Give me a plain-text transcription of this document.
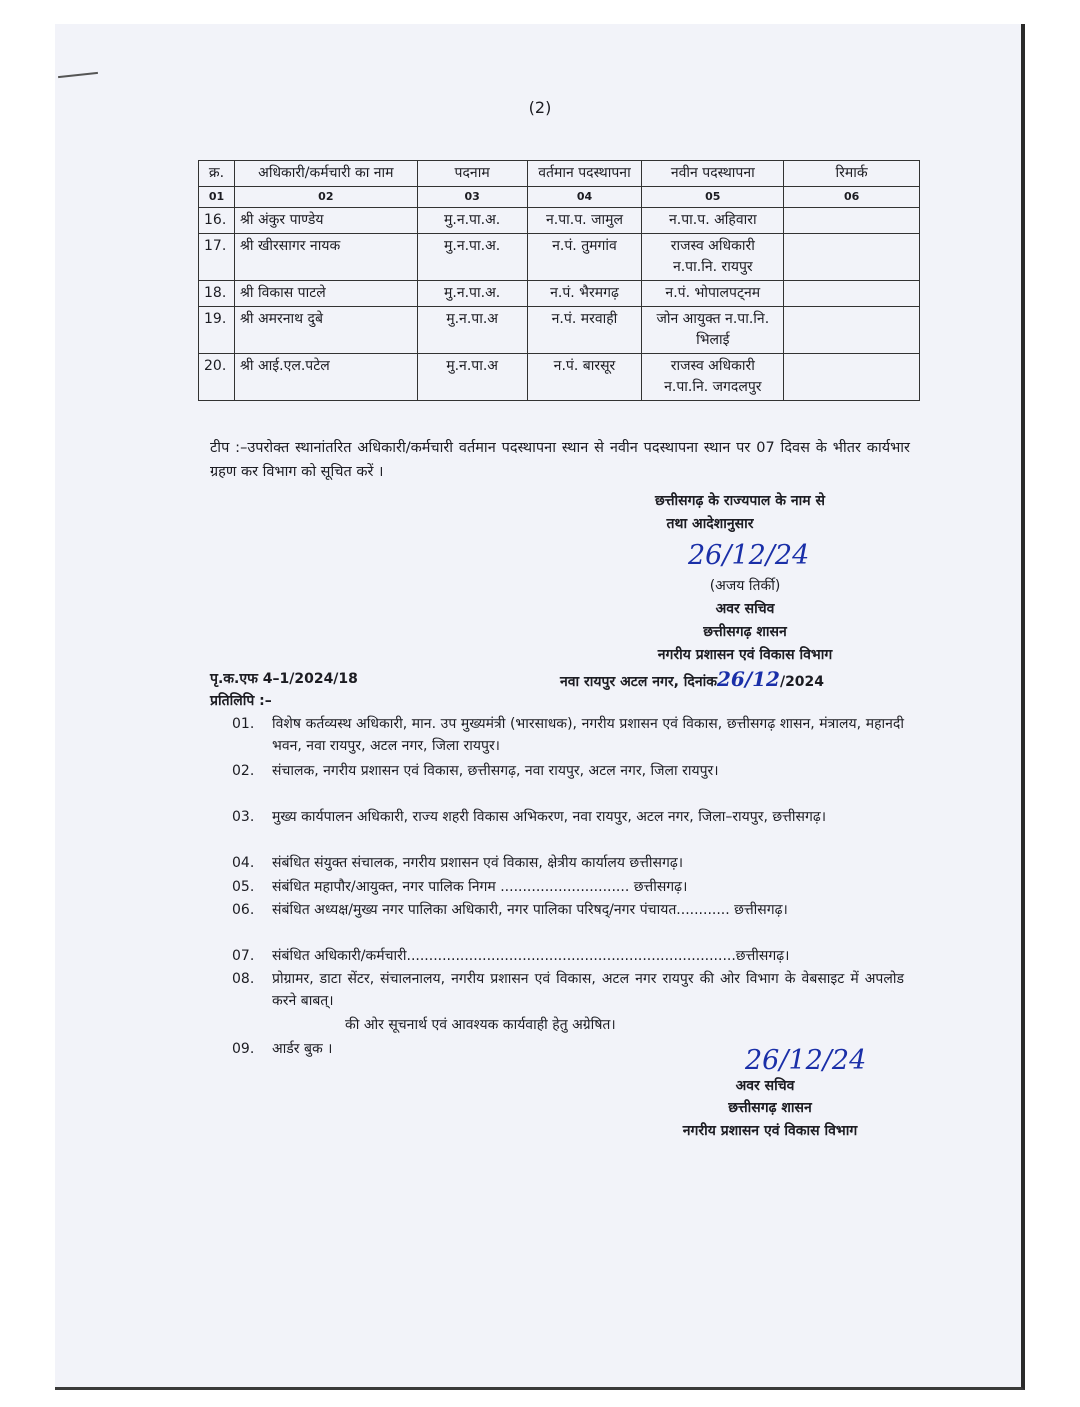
(2)
क्र.	अधिकारी/कर्मचारी का नाम	पदनाम	वर्तमान पदस्थापना	नवीन पदस्थापना	रिमार्क
01	02	03	04	05	06
16.	श्री अंकुर पाण्डेय	मु.न.पा.अ.	न.पा.प. जामुल	न.पा.प. अहिवारा	
17.	श्री खीरसागर नायक	मु.न.पा.अ.	न.पं. तुमगांव	राजस्व अधिकारी न.पा.नि. रायपुर	
18.	श्री विकास पाटले	मु.न.पा.अ.	न.पं. भैरमगढ़	न.पं. भोपालपट्नम	
19.	श्री अमरनाथ दुबे	मु.न.पा.अ	न.पं. मरवाही	जोन आयुक्त न.पा.नि. भिलाई	
20.	श्री आई.एल.पटेल	मु.न.पा.अ	न.पं. बारसूर	राजस्व अधिकारी न.पा.नि. जगदलपुर	
टीप :–उपरोक्त स्थानांतरित अधिकारी/कर्मचारी वर्तमान पदस्थापना स्थान से नवीन पदस्थापना स्थान पर 07 दिवस के भीतर कार्यभार ग्रहण कर विभाग को सूचित करें ।
छत्तीसगढ़ के राज्यपाल के नाम से
तथा आदेशानुसार
26/12/24
(अजय तिर्की)
अवर सचिव
छत्तीसगढ़ शासन
नगरीय प्रशासन एवं विकास विभाग
पृ.क.एफ 4–1/2024/18	नवा रायपुर अटल नगर, दिनांक26/12/2024
प्रतिलिपि :–
01.	विशेष कर्तव्यस्थ अधिकारी, मान. उप मुख्यमंत्री (भारसाधक), नगरीय प्रशासन एवं विकास, छत्तीसगढ़ शासन, मंत्रालय, महानदी भवन, नवा रायपुर, अटल नगर, जिला रायपुर।
02.	संचालक, नगरीय प्रशासन एवं विकास, छत्तीसगढ़, नवा रायपुर, अटल नगर, जिला रायपुर।
03.	मुख्य कार्यपालन अधिकारी, राज्य शहरी विकास अभिकरण, नवा रायपुर, अटल नगर, जिला–रायपुर, छत्तीसगढ़।
04.	संबंधित संयुक्त संचालक, नगरीय प्रशासन एवं विकास, क्षेत्रीय कार्यालय छत्तीसगढ़।
05.	संबंधित महापौर/आयुक्त, नगर पालिक निगम ............................. छत्तीसगढ़।
06.	संबंधित अध्यक्ष/मुख्य नगर पालिका अधिकारी, नगर पालिका परिषद्/नगर पंचायत............ छत्तीसगढ़।
07.	संबंधित अधिकारी/कर्मचारी..........................................................................छत्तीसगढ़।
08.	प्रोग्रामर, डाटा सेंटर, संचालनालय, नगरीय प्रशासन एवं विकास, अटल नगर रायपुर की ओर विभाग के वेबसाइट में अपलोड करने बाबत्।
की ओर सूचनार्थ एवं आवश्यक कार्यवाही हेतु अग्रेषित।
09.	आर्डर बुक ।	26/12/24
अवर सचिव
छत्तीसगढ़ शासन
नगरीय प्रशासन एवं विकास विभाग
